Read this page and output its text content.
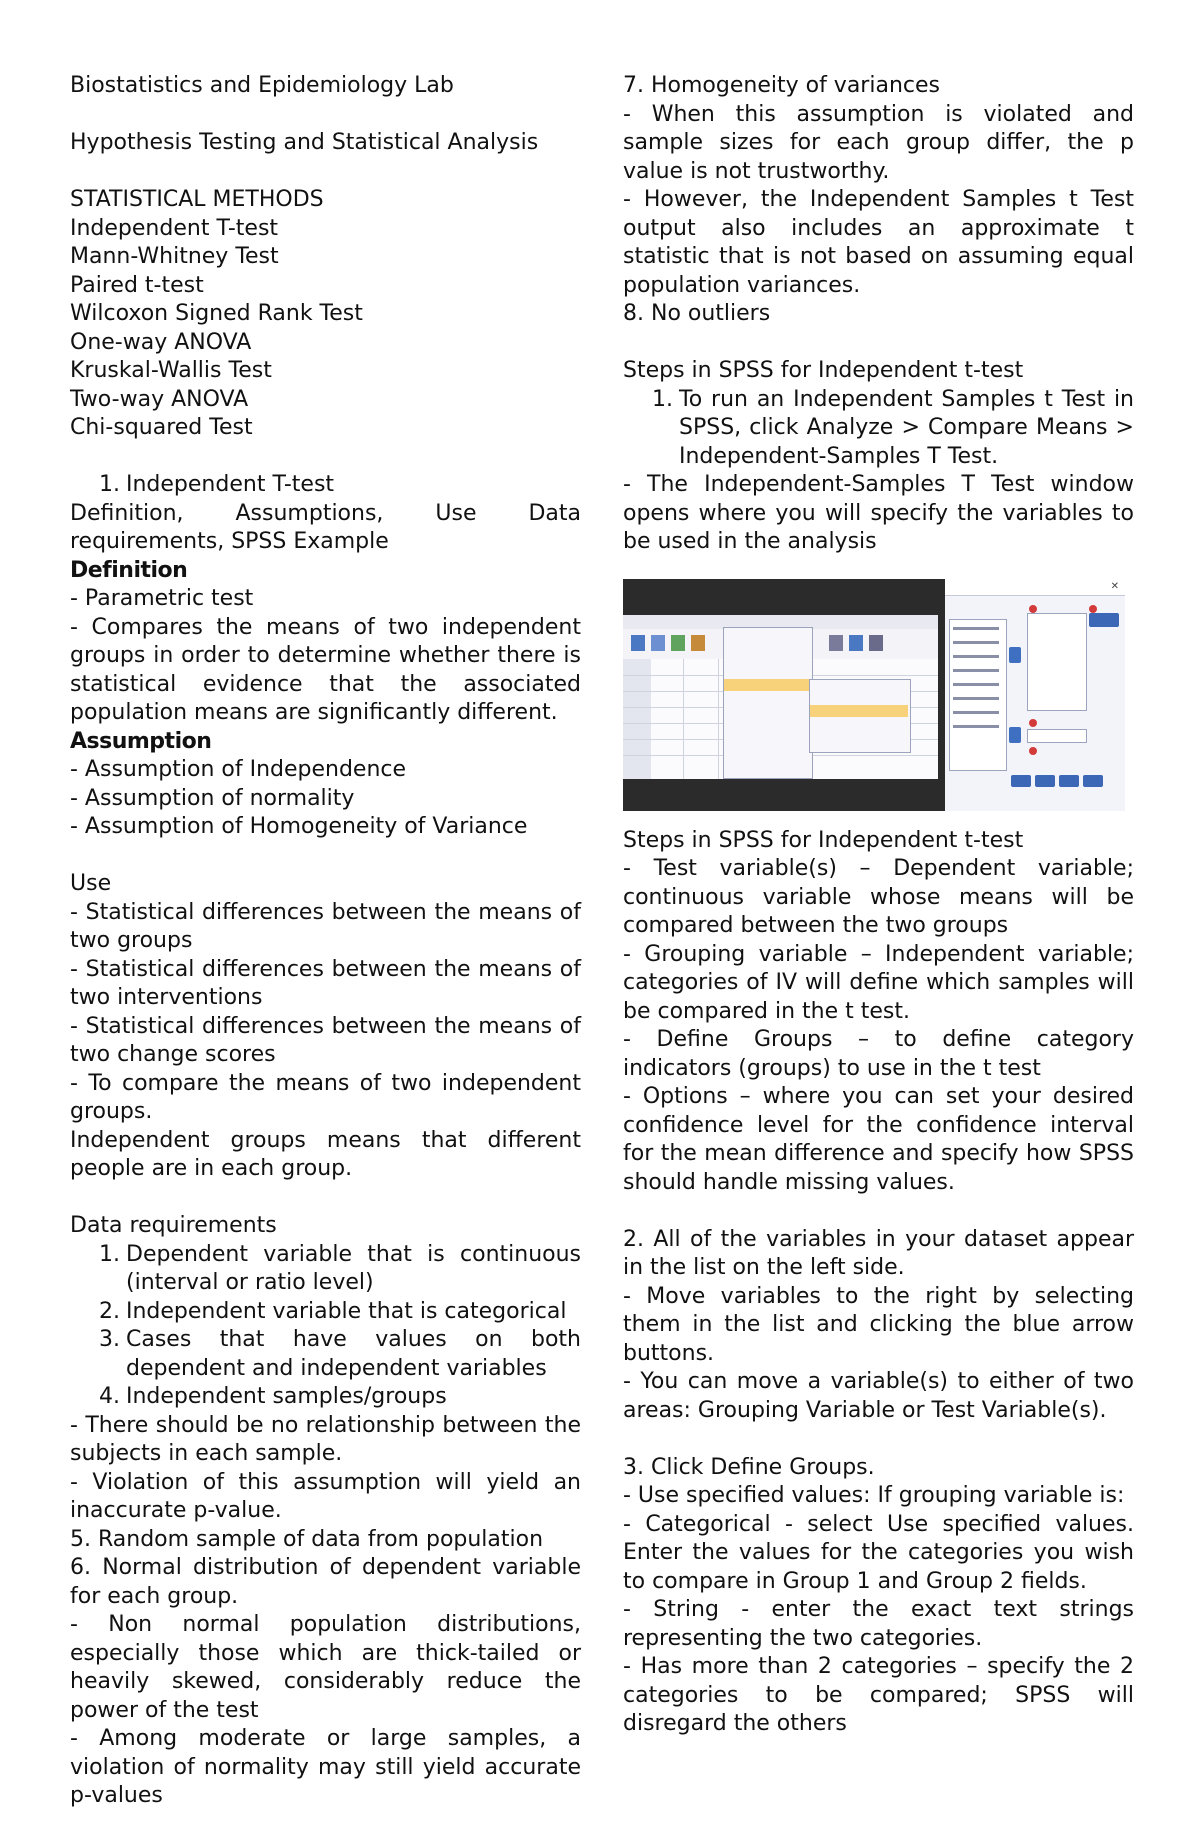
Biostatistics and Epidemiology Lab

Hypothesis Testing and Statistical Analysis

STATISTICAL METHODS

Independent T-test

Mann-Whitney Test

Paired t-test

Wilcoxon Signed Rank Test

One-way ANOVA

Kruskal-Wallis Test

Two-way ANOVA

Chi-squared Test

1. Independent T-test

Definition, Assumptions, Use Data requirements, SPSS Example

Definition

- Parametric test

- Compares the means of two independent groups in order to determine whether there is statistical evidence that the associated population means are significantly different.

Assumption

- Assumption of Independence

- Assumption of normality

- Assumption of Homogeneity of Variance

Use

- Statistical differences between the means of two groups

- Statistical differences between the means of two interventions

- Statistical differences between the means of two change scores

- To compare the means of two independent groups.

Independent groups means that different people are in each group.

Data requirements

1. Dependent variable that is continuous (interval or ratio level)
2. Independent variable that is categorical
3. Cases that have values on both dependent and independent variables
4. Independent samples/groups

- There should be no relationship between the subjects in each sample.

- Violation of this assumption will yield an inaccurate p-value.

5. Random sample of data from population

6. Normal distribution of dependent variable for each group.

- Non normal population distributions, especially those which are thick-tailed or heavily skewed, considerably reduce the power of the test

- Among moderate or large samples, a violation of normality may still yield accurate p-values

7. Homogeneity of variances

- When this assumption is violated and sample sizes for each group differ, the p value is not trustworthy.

- However, the Independent Samples t Test output also includes an approximate t statistic that is not based on assuming equal population variances.

8. No outliers

Steps in SPSS for Independent t-test

1. To run an Independent Samples t Test in SPSS, click Analyze > Compare Means > Independent-Samples T Test.

- The Independent-Samples T Test window opens where you will specify the variables to be used in the analysis

✕

Steps in SPSS for Independent t-test

- Test variable(s) – Dependent variable; continuous variable whose means will be compared between the two groups

- Grouping variable – Independent variable; categories of IV will define which samples will be compared in the t test.

- Define Groups – to define category indicators (groups) to use in the t test

- Options – where you can set your desired confidence level for the confidence interval for the mean difference and specify how SPSS should handle missing values.

2. All of the variables in your dataset appear in the list on the left side.

- Move variables to the right by selecting them in the list and clicking the blue arrow buttons.

- You can move a variable(s) to either of two areas: Grouping Variable or Test Variable(s).

3. Click Define Groups.

- Use specified values: If grouping variable is:

- Categorical - select Use specified values. Enter the values for the categories you wish to compare in Group 1 and Group 2 fields.

- String - enter the exact text strings representing the two categories.

- Has more than 2 categories – specify the 2 categories to be compared; SPSS will disregard the others
